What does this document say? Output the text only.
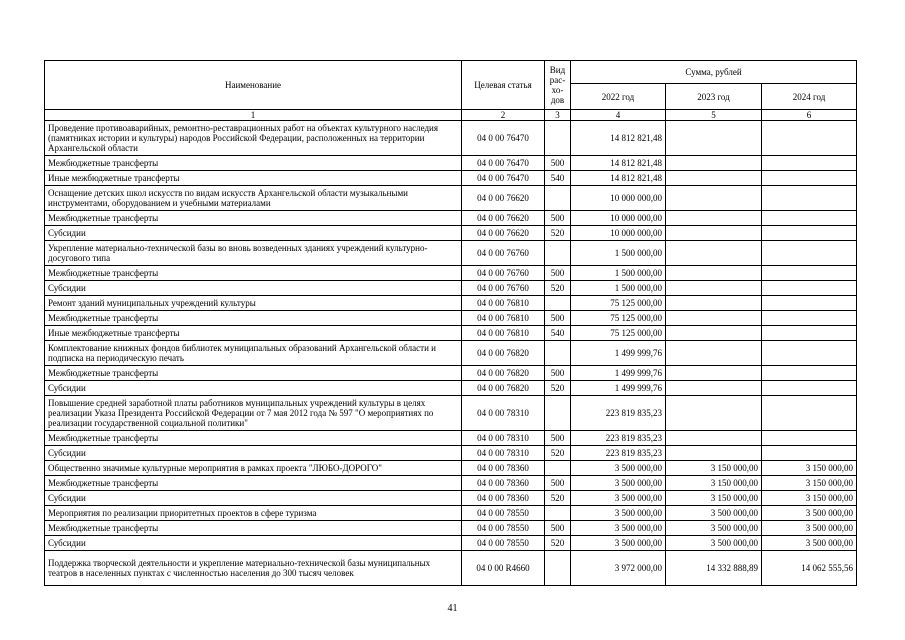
Наименование	Целевая статья	Вид
рас-
хо-
дов	Сумма, рублей		
			2022 год	2023 год	2024 год
1	2	3	4	5	6
Проведение противоаварийных, ремонтно-реставрационных работ на объектах культурного наследия (памятниках истории и культуры) народов Российской Федерации, расположенных на территории Архангельской области	04 0 00 76470		14 812 821,48		
Межбюджетные трансферты	04 0 00 76470	500	14 812 821,48		
Иные межбюджетные трансферты	04 0 00 76470	540	14 812 821,48		
Оснащение детских школ искусств по видам искусств Архангельской области музыкальными инструментами, оборудованием и учебными материалами	04 0 00 76620		10 000 000,00		
Межбюджетные трансферты	04 0 00 76620	500	10 000 000,00		
Субсидии	04 0 00 76620	520	10 000 000,00		
Укрепление материально-технической базы во вновь возведенных зданиях учреждений культурно-досугового типа	04 0 00 76760		1 500 000,00		
Межбюджетные трансферты	04 0 00 76760	500	1 500 000,00		
Субсидии	04 0 00 76760	520	1 500 000,00		
Ремонт зданий муниципальных учреждений культуры	04 0 00 76810		75 125 000,00		
Межбюджетные трансферты	04 0 00 76810	500	75 125 000,00		
Иные межбюджетные трансферты	04 0 00 76810	540	75 125 000,00		
Комплектование книжных фондов библиотек муниципальных образований Архангельской области и подписка на периодическую печать	04 0 00 76820		1 499 999,76		
Межбюджетные трансферты	04 0 00 76820	500	1 499 999,76		
Субсидии	04 0 00 76820	520	1 499 999,76		
Повышение средней заработной платы работников муниципальных учреждений культуры в целях реализации Указа Президента Российской Федерации от 7 мая 2012 года № 597 "О мероприятиях по реализации государственной социальной политики"	04 0 00 78310		223 819 835,23		
Межбюджетные трансферты	04 0 00 78310	500	223 819 835,23		
Субсидии	04 0 00 78310	520	223 819 835,23		
Общественно значимые культурные мероприятия в рамках проекта "ЛЮБО-ДОРОГО"	04 0 00 78360		3 500 000,00	3 150 000,00	3 150 000,00
Межбюджетные трансферты	04 0 00 78360	500	3 500 000,00	3 150 000,00	3 150 000,00
Субсидии	04 0 00 78360	520	3 500 000,00	3 150 000,00	3 150 000,00
Мероприятия по реализации приоритетных проектов в сфере туризма	04 0 00 78550		3 500 000,00	3 500 000,00	3 500 000,00
Межбюджетные трансферты	04 0 00 78550	500	3 500 000,00	3 500 000,00	3 500 000,00
Субсидии	04 0 00 78550	520	3 500 000,00	3 500 000,00	3 500 000,00
Поддержка творческой деятельности и укрепление материально-технической базы муниципальных театров в населенных пунктах с численностью населения до 300 тысяч человек	04 0 00 R4660		3 972 000,00	14 332 888,89	14 062 555,56
41
